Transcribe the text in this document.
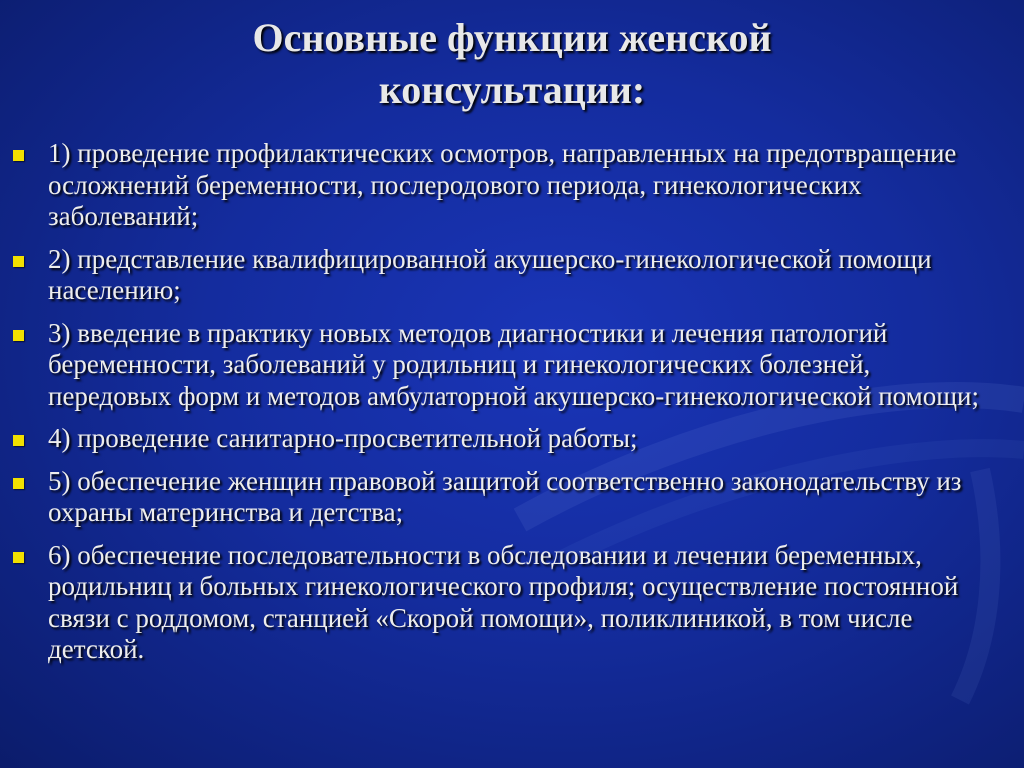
Основные функции женской
консультации:
1) проведение профилактических осмотров, направленных на предотвращение осложнений беременности, послеродового периода, гинекологических заболеваний;
2) представление квалифицированной акушерско-гинекологической помощи населению;
3) введение в практику новых методов диагностики и лечения патологий беременности, заболеваний у родильниц и гинекологических болезней, передовых форм и методов амбулаторной акушерско-гинекологической помощи;
4) проведение санитарно-просветительной работы;
5) обеспечение женщин правовой защитой соответственно законодательству из охраны материнства и детства;
6) обеспечение последовательности в обследовании и лечении беременных, родильниц и больных гинекологического профиля; осуществление постоянной связи с роддомом, станцией «Скорой помощи», поликлиникой, в том числе детской.
